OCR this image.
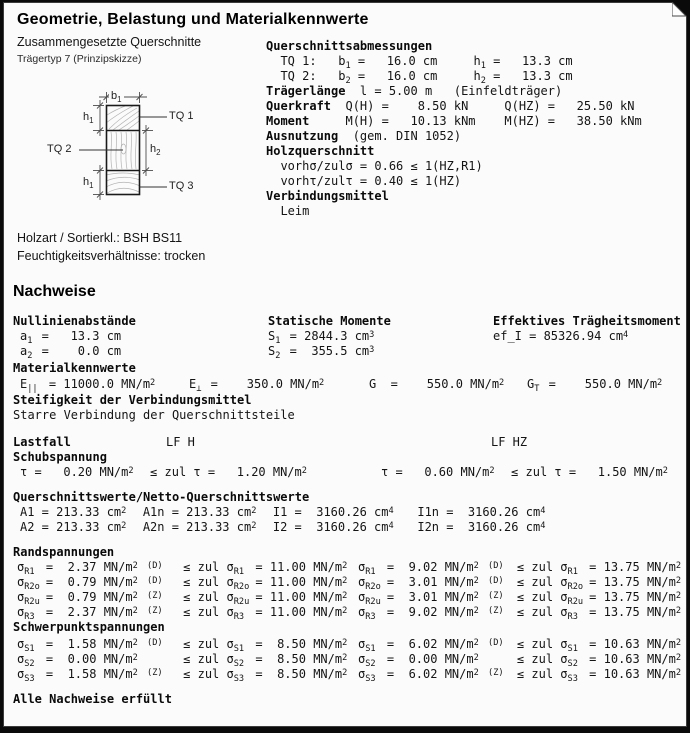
Geometrie, Belastung und Materialkennwerte
Zusammengesetzte Querschnitte
Trägertyp 7 (Prinzipskizze)
b1
h1
h1
h2
TQ 1
TQ 2
TQ 3
Querschnittsabmessungen
TQ 1:   b1 =   16.0 cm     h1 =   13.3 cm
TQ 2:   b2 =   16.0 cm     h2 =   13.3 cm
Trägerlänge  l = 5.00 m   (Einfeldträger)
Querkraft  Q(H) =    8.50 kN     Q(HZ) =   25.50 kN
Moment     M(H) =   10.13 kNm    M(HZ) =   38.50 kNm
Ausnutzung  (gem. DIN 1052)
Holzquerschnitt
vorhσ/zulσ = 0.66 ≤ 1(HZ,R1)
vorhτ/zulτ = 0.40 ≤ 1(HZ)
Verbindungsmittel
Leim
Holzart / Sortierkl.: BSH BS11
Feuchtigkeitsverhältnisse: trocken
Nachweise
Nullinienabstände	Statische Momente	Effektives Trägheitsmoment
a1 =   13.3 cm	S1 = 2844.3 cm3	ef_I = 85326.94 cm4
a2 =    0.0 cm	S2 =  355.5 cm3
Materialkennwerte
E|| = 11000.0 MN/m2	E⊥ =    350.0 MN/m2	G  =    550.0 MN/m2 GT =    550.0 MN/m2
Steifigkeit der Verbindungsmittel
Starre Verbindung der Querschnittsteile
Lastfall	LF H	LF HZ
Schubspannung
τ =   0.20 MN/m2  ≤ zul τ =   1.20 MN/m2	τ =   0.60 MN/m2  ≤ zul τ =   1.50 MN/m2
Querschnittswerte/Netto-Querschnittswerte
A1 = 213.33 cm2  A1n = 213.33 cm2  I1 =  3160.26 cm4   I1n =  3160.26 cm4
A2 = 213.33 cm2  A2n = 213.33 cm2  I2 =  3160.26 cm4   I2n =  3160.26 cm4
Randspannungen
σR1 =  2.37 MN/m2 (D)  ≤ zul σR1 = 11.00 MN/m2 σR1 =  9.02 MN/m2 (D) ≤ zul σR1 = 13.75 MN/m2
σR2o =  0.79 MN/m2 (D)  ≤ zul σR2o = 11.00 MN/m2 σR2o =  3.01 MN/m2 (D) ≤ zul σR2o = 13.75 MN/m2
σR2u =  0.79 MN/m2 (Z)  ≤ zul σR2u = 11.00 MN/m2 σR2u =  3.01 MN/m2 (Z) ≤ zul σR2u = 13.75 MN/m2
σR3 =  2.37 MN/m2 (Z)  ≤ zul σR3 = 11.00 MN/m2 σR3 =  9.02 MN/m2 (Z) ≤ zul σR3 = 13.75 MN/m2
Schwerpunktspannungen
σS1 =  1.58 MN/m2 (D)  ≤ zul σS1 =  8.50 MN/m2 σS1 =  6.02 MN/m2 (D) ≤ zul σS1 = 10.63 MN/m2
σS2 =  0.00 MN/m2      ≤ zul σS2 =  8.50 MN/m2 σS2 =  0.00 MN/m2     ≤ zul σS2 = 10.63 MN/m2
σS3 =  1.58 MN/m2 (Z)  ≤ zul σS3 =  8.50 MN/m2 σS3 =  6.02 MN/m2 (Z) ≤ zul σS3 = 10.63 MN/m2
Alle Nachweise erfüllt
